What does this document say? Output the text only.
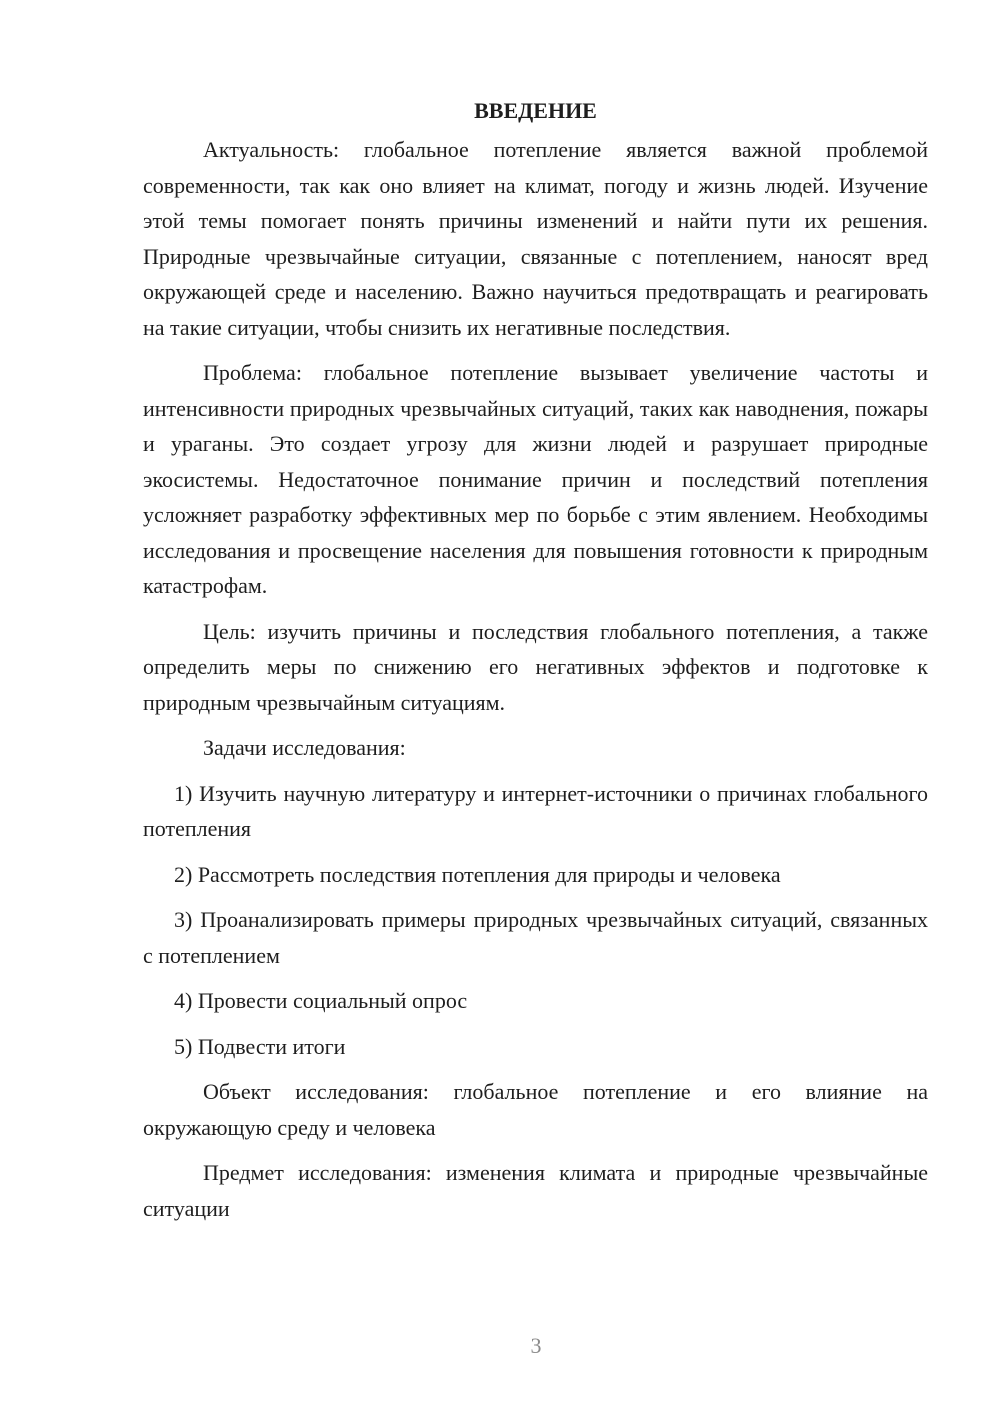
ВВЕДЕНИЕ

Актуальность: глобальное потепление является важной проблемой современности, так как оно влияет на климат, погоду и жизнь людей. Изучение этой темы помогает понять причины изменений и найти пути их решения. Природные чрезвычайные ситуации, связанные с потеплением, наносят вред окружающей среде и населению. Важно научиться предотвращать и реагировать на такие ситуации, чтобы снизить их негативные последствия.

Проблема: глобальное потепление вызывает увеличение частоты и интенсивности природных чрезвычайных ситуаций, таких как наводнения, пожары и ураганы. Это создает угрозу для жизни людей и разрушает природные экосистемы. Недостаточное понимание причин и последствий потепления усложняет разработку эффективных мер по борьбе с этим явлением. Необходимы исследования и просвещение населения для повышения готовности к природным катастрофам.

Цель: изучить причины и последствия глобального потепления, а также определить меры по снижению его негативных эффектов и подготовке к природным чрезвычайным ситуациям.

Задачи исследования:

1) Изучить научную литературу и интернет-источники о причинах глобального потепления

2) Рассмотреть последствия потепления для природы и человека

3) Проанализировать примеры природных чрезвычайных ситуаций, связанных с потеплением

4) Провести социальный опрос

5) Подвести итоги

Объект исследования: глобальное потепление и его влияние на окружающую среду и человека

Предмет исследования: изменения климата и природные чрезвычайные ситуации

3
